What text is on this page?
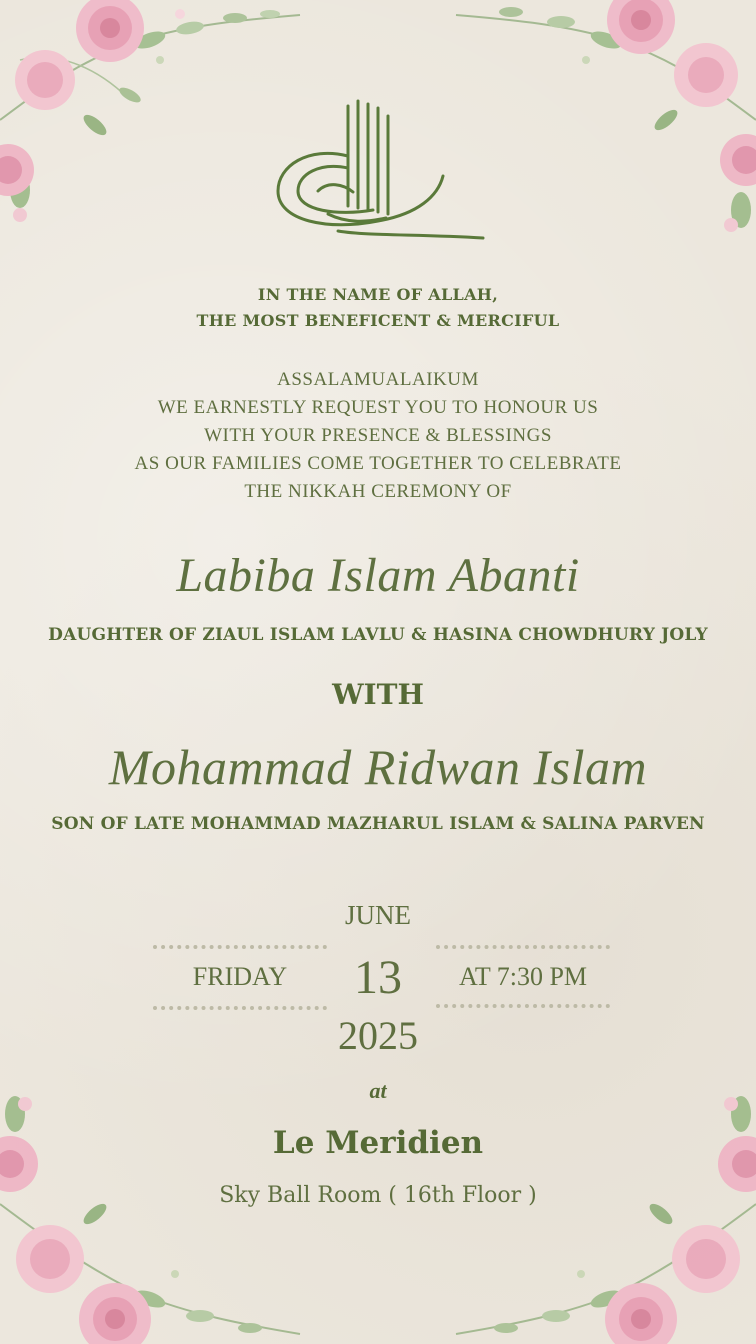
IN THE NAME OF ALLAH,
THE MOST BENEFICENT & MERCIFUL
ASSALAMUALAIKUM
WE EARNESTLY REQUEST YOU TO HONOUR US
WITH YOUR PRESENCE & BLESSINGS
AS OUR FAMILIES COME TOGETHER TO CELEBRATE
THE NIKKAH CEREMONY OF
Labiba Islam Abanti
DAUGHTER OF ZIAUL ISLAM LAVLU & HASINA CHOWDHURY JOLY
WITH
Mohammad Ridwan Islam
SON OF LATE MOHAMMAD MAZHARUL ISLAM & SALINA PARVEN
JUNE
FRIDAY	13	AT 7:30 PM
2025
at
Le Meridien
Sky Ball Room ( 16th Floor )
